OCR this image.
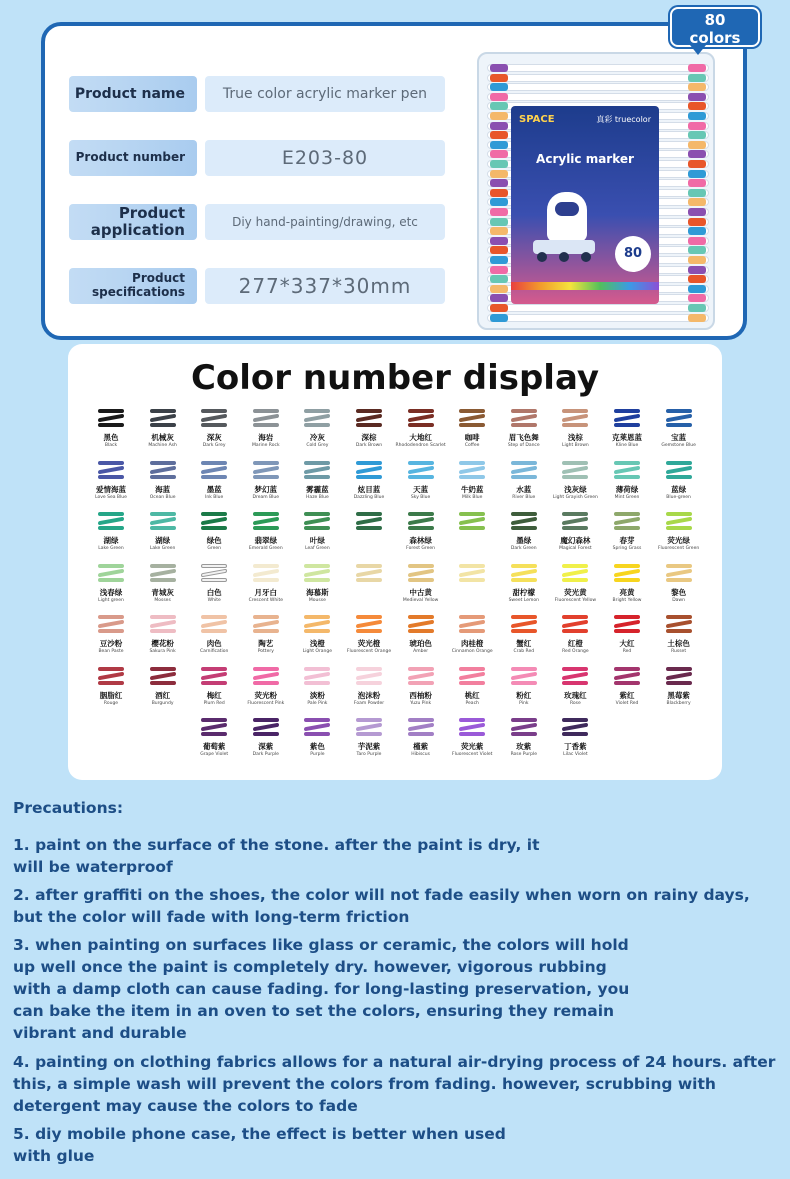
Product name	True color acrylic marker pen
Product number	E203-80
Product application	Diy hand-painting/drawing, etc
Product specifications	277*337*30mm
SPACE	真彩 truecolor
Acrylic marker
80
80
colors
Color number display
黑色
Black
机械灰
Machine Ash
深灰
Dark Grey
海岩
Marine Rock
冷灰
Cold Grey
深棕
Dark Brown
大地红
Rhododendron Scarlet
咖啡
Coffee
眉飞色舞
Step of Dance
浅棕
Light Brown
克莱恩蓝
Kline Blue
宝蓝
Gemstone Blue
爱情海蓝
Love Sea Blue
海蓝
Ocean Blue
墨蓝
Ink Blue
梦幻蓝
Dream Blue
雾霾蓝
Haze Blue
炫目蓝
Dazzling Blue
天蓝
Sky Blue
牛奶蓝
Milk Blue
水蓝
River Blue
浅灰绿
Light Grayish Green
薄荷绿
Mint Green
蓝绿
Blue-green
湖绿
Lake Green
湖绿
Lake Green
绿色
Green
翡翠绿
Emerald Green
叶绿
Leaf Green
森林绿
Forest Green
墨绿
Dark Green
魔幻森林
Magical Forest
春芽
Spring Grass
荧光绿
Fluorescent Green
浅春绿
Light green
青城灰
Mosses
白色
White
月牙白
Crescent White
海慕斯
Mousse
中古黄
Medieval Yellow
甜柠檬
Sweet Lemon
荧光黄
Fluorescent Yellow
亮黄
Bright Yellow
黎色
Dawn
豆沙粉
Bean Paste
樱花粉
Sakura Pink
肉色
Carnification
陶艺
Pottery
浅橙
Light Orange
荧光橙
Fluorescent Orange
琥珀色
Amber
肉桂橙
Cinnamon Orange
蟹红
Crab Red
红橙
Red Orange
大红
Red
土棕色
Russet
胭脂红
Rouge
酒红
Burgundy
梅红
Plum Red
荧光粉
Fluorescent Pink
淡粉
Pale Pink
泡沫粉
Foam Powder
西柚粉
Yuzu Pink
桃红
Peach
粉红
Pink
玫瑰红
Rose
紫红
Violet Red
黑莓紫
Blackberry
葡萄紫
Grape Violet
深紫
Dark Purple
紫色
Purple
芋泥紫
Taro Purple
槿紫
Hibiscus
荧光紫
Fluorescent Violet
玫紫
Rose Purple
丁香紫
Lilac Violet
Precautions:
1. paint on the surface of the stone. after the paint is dry, it will be waterproof
2. after graffiti on the shoes, the color will not fade easily when worn on rainy days, but the color will fade with long-term friction
3. when painting on surfaces like glass or ceramic, the colors will hold up well once the paint is completely dry. however, vigorous rubbing with a damp cloth can cause fading. for long-lasting preservation, you can bake the item in an oven to set the colors, ensuring they remain vibrant and durable
4. painting on clothing fabrics allows for a natural air-drying process of 24 hours. after this, a simple wash will prevent the colors from fading. however, scrubbing with detergent may cause the colors to fade
5. diy mobile phone case, the effect is better when used with glue
